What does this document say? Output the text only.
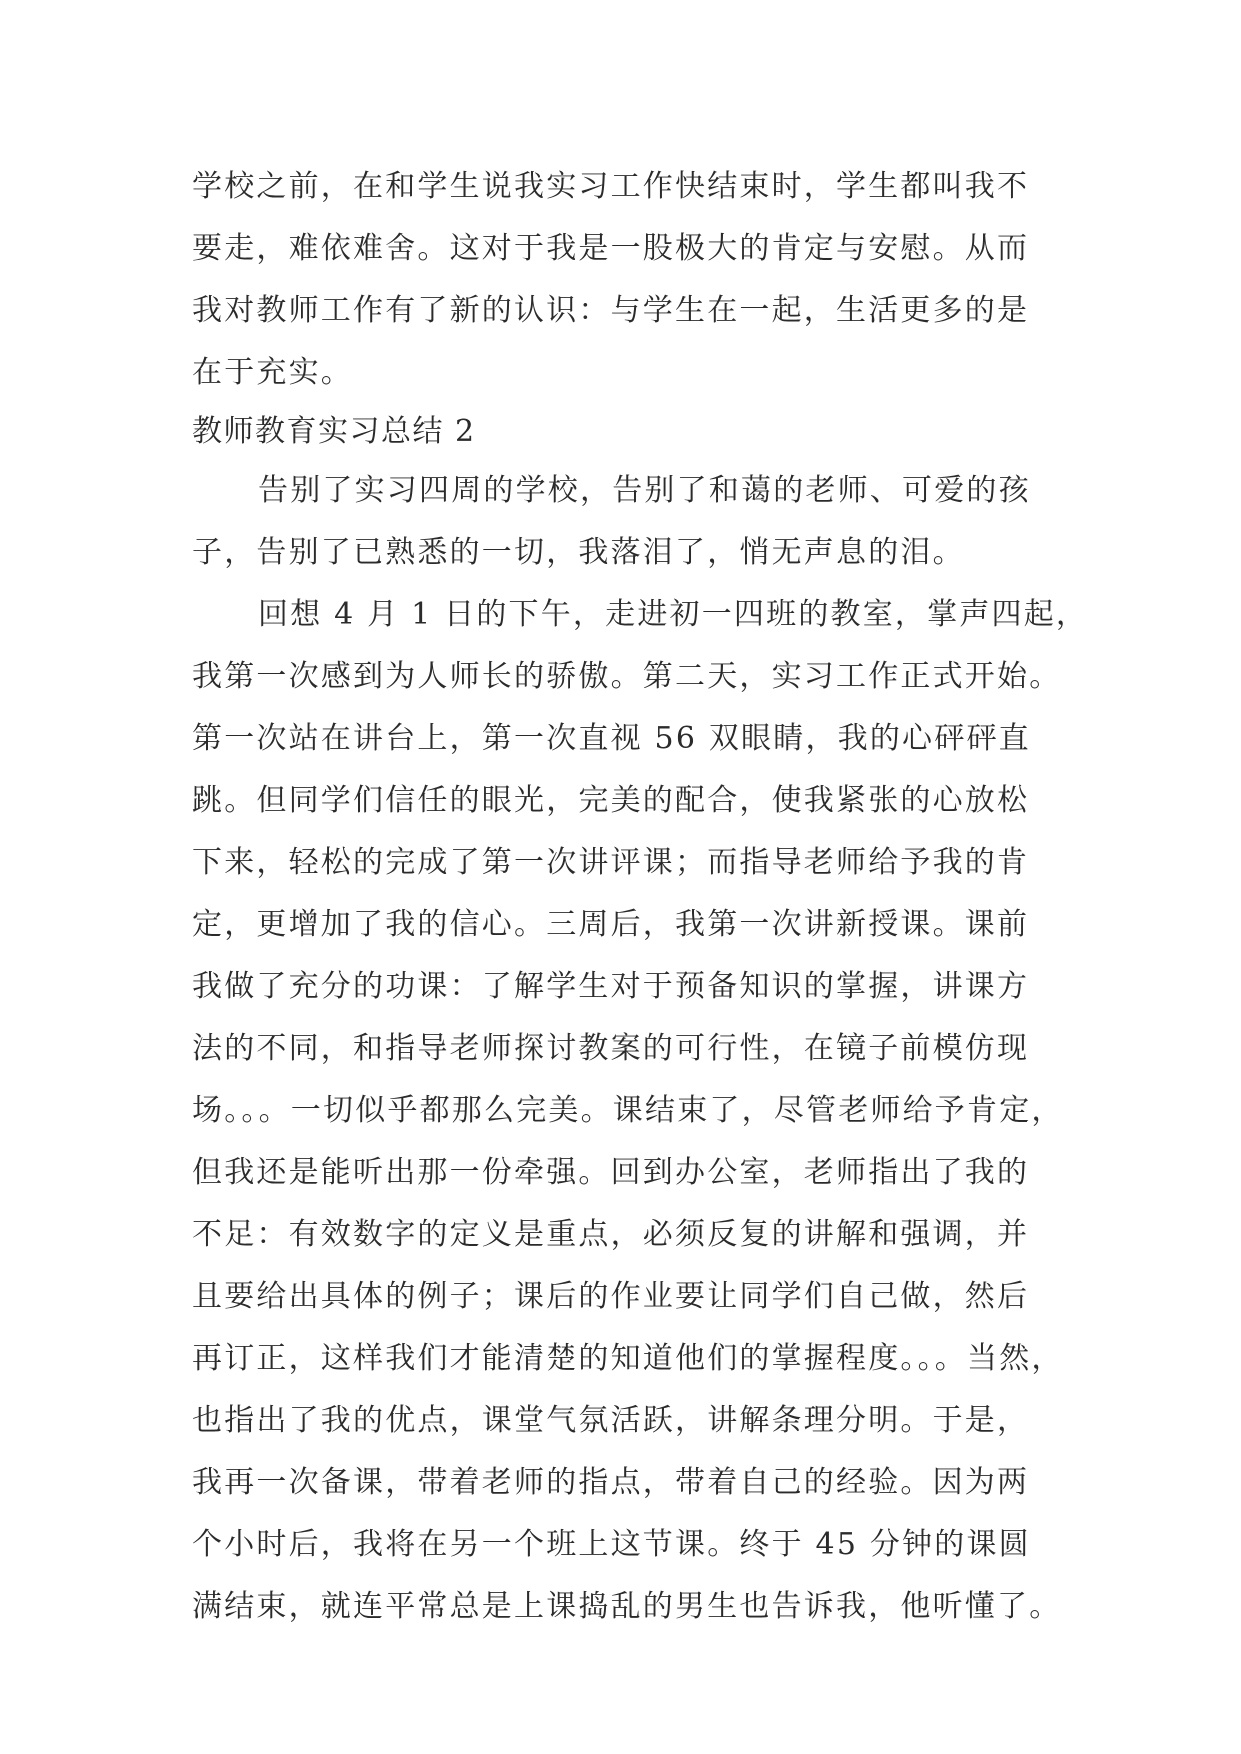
学校之前，在和学生说我实习工作快结束时，学生都叫我不
要走，难依难舍。这对于我是一股极大的肯定与安慰。从而
我对教师工作有了新的认识：与学生在一起，生活更多的是
在于充实。
教师教育实习总结 2
告别了实习四周的学校，告别了和蔼的老师、可爱的孩
子，告别了已熟悉的一切，我落泪了，悄无声息的泪。
回想 4 月 1 日的下午，走进初一四班的教室，掌声四起，
我第一次感到为人师长的骄傲。第二天，实习工作正式开始。
第一次站在讲台上，第一次直视 56 双眼睛，我的心砰砰直
跳。但同学们信任的眼光，完美的配合，使我紧张的心放松
下来，轻松的完成了第一次讲评课；而指导老师给予我的肯
定，更增加了我的信心。三周后，我第一次讲新授课。课前
我做了充分的功课：了解学生对于预备知识的掌握，讲课方
法的不同，和指导老师探讨教案的可行性，在镜子前模仿现
场。。。一切似乎都那么完美。课结束了，尽管老师给予肯定，
但我还是能听出那一份牵强。回到办公室，老师指出了我的
不足：有效数字的定义是重点，必须反复的讲解和强调，并
且要给出具体的例子；课后的作业要让同学们自己做，然后
再订正，这样我们才能清楚的知道他们的掌握程度。。。当然，
也指出了我的优点，课堂气氛活跃，讲解条理分明。于是，
我再一次备课，带着老师的指点，带着自己的经验。因为两
个小时后，我将在另一个班上这节课。终于 45 分钟的课圆
满结束，就连平常总是上课捣乱的男生也告诉我，他听懂了。
